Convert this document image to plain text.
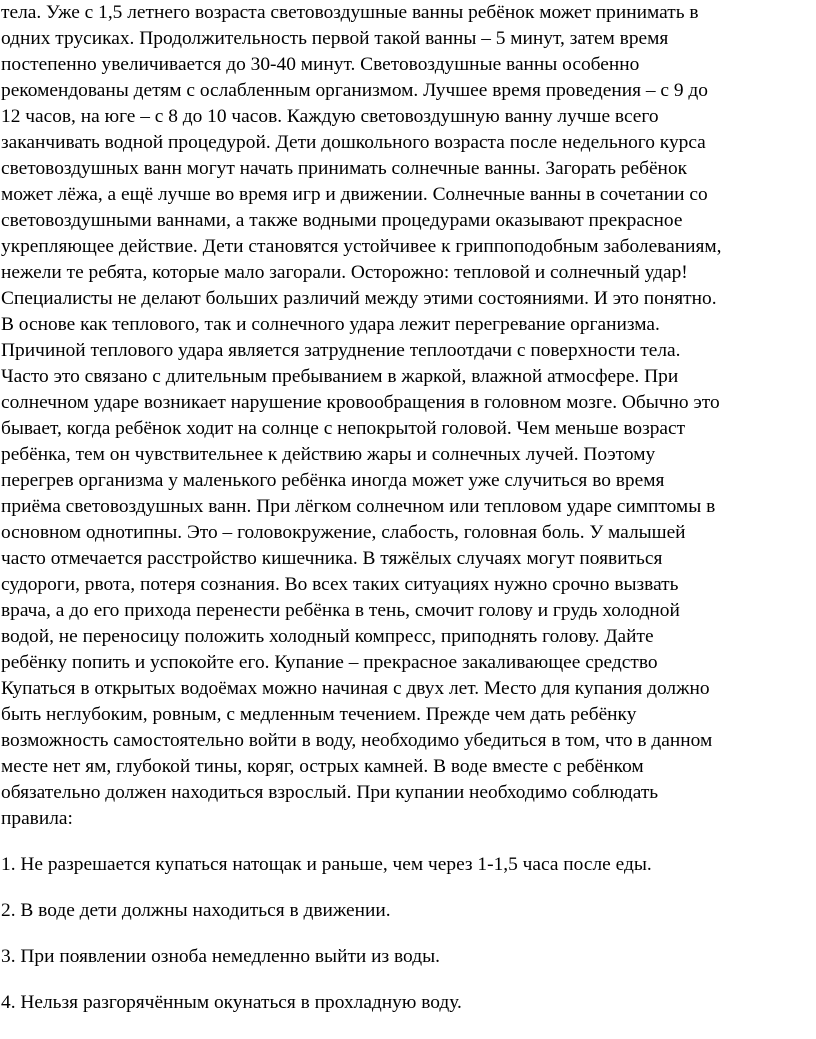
тела. Уже с 1,5 летнего возраста световоздушные ванны ребёнок может принимать в
одних трусиках. Продолжительность первой такой ванны – 5 минут, затем время
постепенно увеличивается до 30-40 минут. Световоздушные ванны особенно
рекомендованы детям с ослабленным организмом. Лучшее время проведения – с 9 до
12 часов, на юге – с 8 до 10 часов. Каждую световоздушную ванну лучше всего
заканчивать водной процедурой. Дети дошкольного возраста после недельного курса
световоздушных ванн могут начать принимать солнечные ванны. Загорать ребёнок
может лёжа, а ещё лучше во время игр и движении. Солнечные ванны в сочетании со
световоздушными ваннами, а также водными процедурами оказывают прекрасное
укрепляющее действие. Дети становятся устойчивее к гриппоподобным заболеваниям,
нежели те ребята, которые мало загорали. Осторожно: тепловой и солнечный удар!
Специалисты не делают больших различий между этими состояниями. И это понятно.
В основе как теплового, так и солнечного удара лежит перегревание организма.
Причиной теплового удара является затруднение теплоотдачи с поверхности тела.
Часто это связано с длительным пребыванием в жаркой, влажной атмосфере. При
солнечном ударе возникает нарушение кровообращения в головном мозге. Обычно это
бывает, когда ребёнок ходит на солнце с непокрытой головой. Чем меньше возраст
ребёнка, тем он чувствительнее к действию жары и солнечных лучей. Поэтому
перегрев организма у маленького ребёнка иногда может уже случиться во время
приёма световоздушных ванн. При лёгком солнечном или тепловом ударе симптомы в
основном однотипны. Это – головокружение, слабость, головная боль. У малышей
часто отмечается расстройство кишечника. В тяжёлых случаях могут появиться
судороги, рвота, потеря сознания. Во всех таких ситуациях нужно срочно вызвать
врача, а до его прихода перенести ребёнка в тень, смочит голову и грудь холодной
водой, не переносицу положить холодный компресс, приподнять голову. Дайте
ребёнку попить и успокойте его. Купание – прекрасное закаливающее средство
Купаться в открытых водоёмах можно начиная с двух лет. Место для купания должно
быть неглубоким, ровным, с медленным течением. Прежде чем дать ребёнку
возможность самостоятельно войти в воду, необходимо убедиться в том, что в данном
месте нет ям, глубокой тины, коряг, острых камней. В воде вместе с ребёнком
обязательно должен находиться взрослый. При купании необходимо соблюдать
правила:
1. Не разрешается купаться натощак и раньше, чем через 1-1,5 часа после еды.
2. В воде дети должны находиться в движении.
3. При появлении озноба немедленно выйти из воды.
4. Нельзя разгорячённым окунаться в прохладную воду.
